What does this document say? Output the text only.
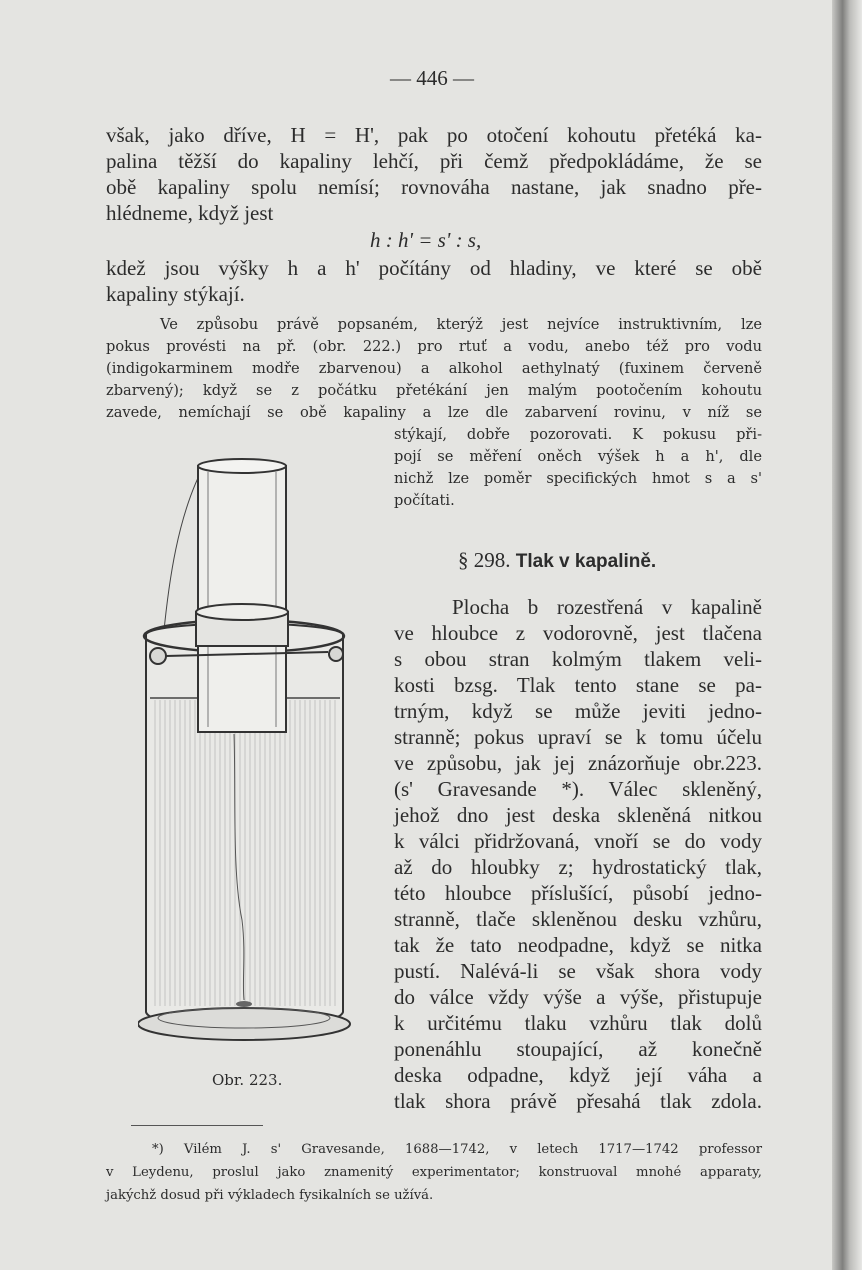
— 446 —
však, jako dříve, H = H', pak po otočení kohoutu přetéká ka-
palina těžší do kapaliny lehčí, při čemž předpokládáme, že se
obě kapaliny spolu nemísí; rovnováha nastane, jak snadno pře-
hlédneme, když jest
h : h' = s' : s,
kdež jsou výšky h a h' počítány od hladiny, ve které se obě
kapaliny stýkají.
Ve způsobu právě popsaném, kterýž jest nejvíce instruktivním, lze
pokus provésti na př. (obr. 222.) pro rtuť a vodu, anebo též pro vodu
(indigokarminem modře zbarvenou) a alkohol aethylnatý (fuxinem červeně
zbarvený); když se z počátku přetékání jen malým pootočením kohoutu
zavede, nemíchají se obě kapaliny a lze dle zabarvení rovinu, v níž se
stýkají, dobře pozorovati. K pokusu při-
pojí se měření oněch výšek h a h', dle
nichž lze poměr specifických hmot s a s'
počítati.
§ 298. Tlak v kapalině.
Plocha b rozestřená v kapalině
ve hloubce z vodorovně, jest tlačena
s obou stran kolmým tlakem veli-
kosti bzsg. Tlak tento stane se pa-
trným, když se může jeviti jedno-
stranně; pokus upraví se k tomu účelu
ve způsobu, jak jej znázorňuje obr.223.
(s' Gravesande *). Válec skleněný,
jehož dno jest deska skleněná nitkou
k válci přidržovaná, vnoří se do vody
až do hloubky z; hydrostatický tlak,
této hloubce příslušící, působí jedno-
stranně, tlače skleněnou desku vzhůru,
tak že tato neodpadne, když se nitka
pustí. Nalévá-li se však shora vody
do válce vždy výše a výše, přistupuje
k určitému tlaku vzhůru tlak dolů
ponenáhlu stoupající, až konečně
deska odpadne, když její váha a
tlak shora právě přesahá tlak zdola.
Obr. 223.
*) Vilém J. s' Gravesande, 1688—1742, v letech 1717—1742 professor
v Leydenu, proslul jako znamenitý experimentator; konstruoval mnohé apparaty,
jakýchž dosud při výkladech fysikalních se užívá.
